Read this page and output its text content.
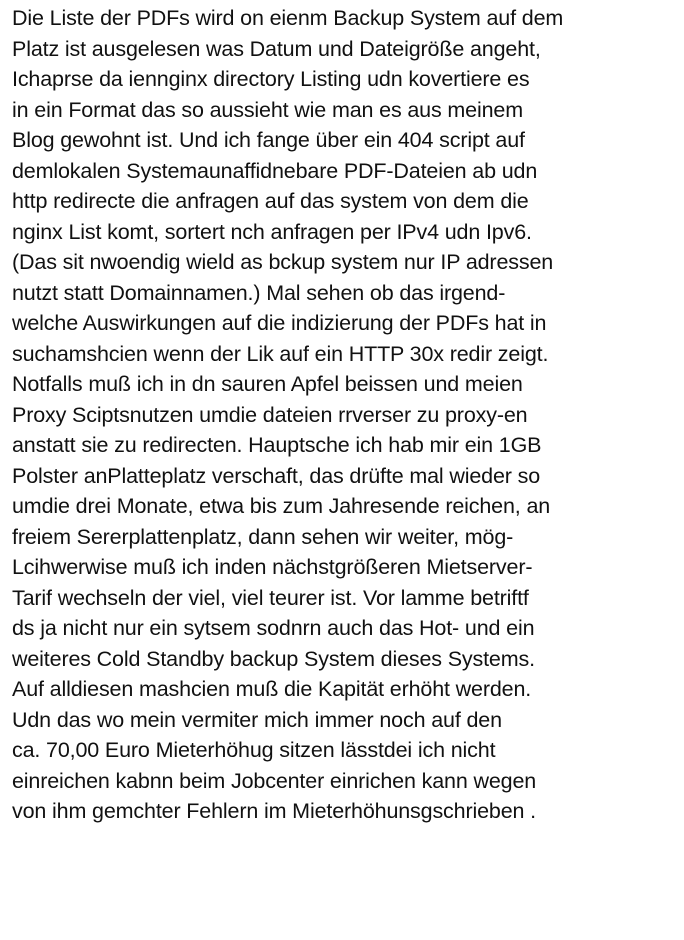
Die Liste der PDFs wird on eienm Backup System auf dem
Platz ist ausgelesen was Datum und Dateigröße angeht,
Ichaprse da iennginx directory Listing udn kovertiere es
in ein Format das so aussieht wie man es aus meinem
Blog gewohnt ist. Und ich fange über ein 404 script auf
demlokalen Systemaunaffidnebare PDF-Dateien ab udn
http redirecte die anfragen auf das system von dem die
nginx List komt, sortert nch anfragen per IPv4 udn Ipv6.
(Das sit nwoendig wield as bckup system nur IP adressen
nutzt statt Domainnamen.) Mal sehen ob das irgend-
welche Auswirkungen auf die indizierung der PDFs hat in
suchamshcien wenn der Lik auf ein HTTP 30x redir zeigt.
Notfalls muß ich in dn sauren Apfel beissen und meien
Proxy Sciptsnutzen umdie dateien rrverser zu proxy-en
anstatt sie zu redirecten. Hauptsche ich hab mir ein 1GB
Polster anPlatteplatz verschaft, das drüfte mal wieder so
umdie drei Monate, etwa bis zum Jahresende reichen, an
freiem Sererplattenplatz, dann sehen wir weiter, mög-
Lcihwerwise muß ich inden nächstgrößeren Mietserver-
Tarif wechseln der viel, viel teurer ist. Vor lamme betriftf
ds ja nicht nur ein sytsem sodnrn auch das Hot- und ein
weiteres Cold Standby backup System dieses Systems.
Auf alldiesen mashcien muß die Kapität erhöht werden.
Udn das wo mein vermiter mich immer noch auf den
ca. 70,00 Euro Mieterhöhug sitzen lässtdei ich nicht
einreichen kabnn beim Jobcenter einrichen kann wegen
von ihm gemchter Fehlern im Mieterhöhunsgschrieben .
